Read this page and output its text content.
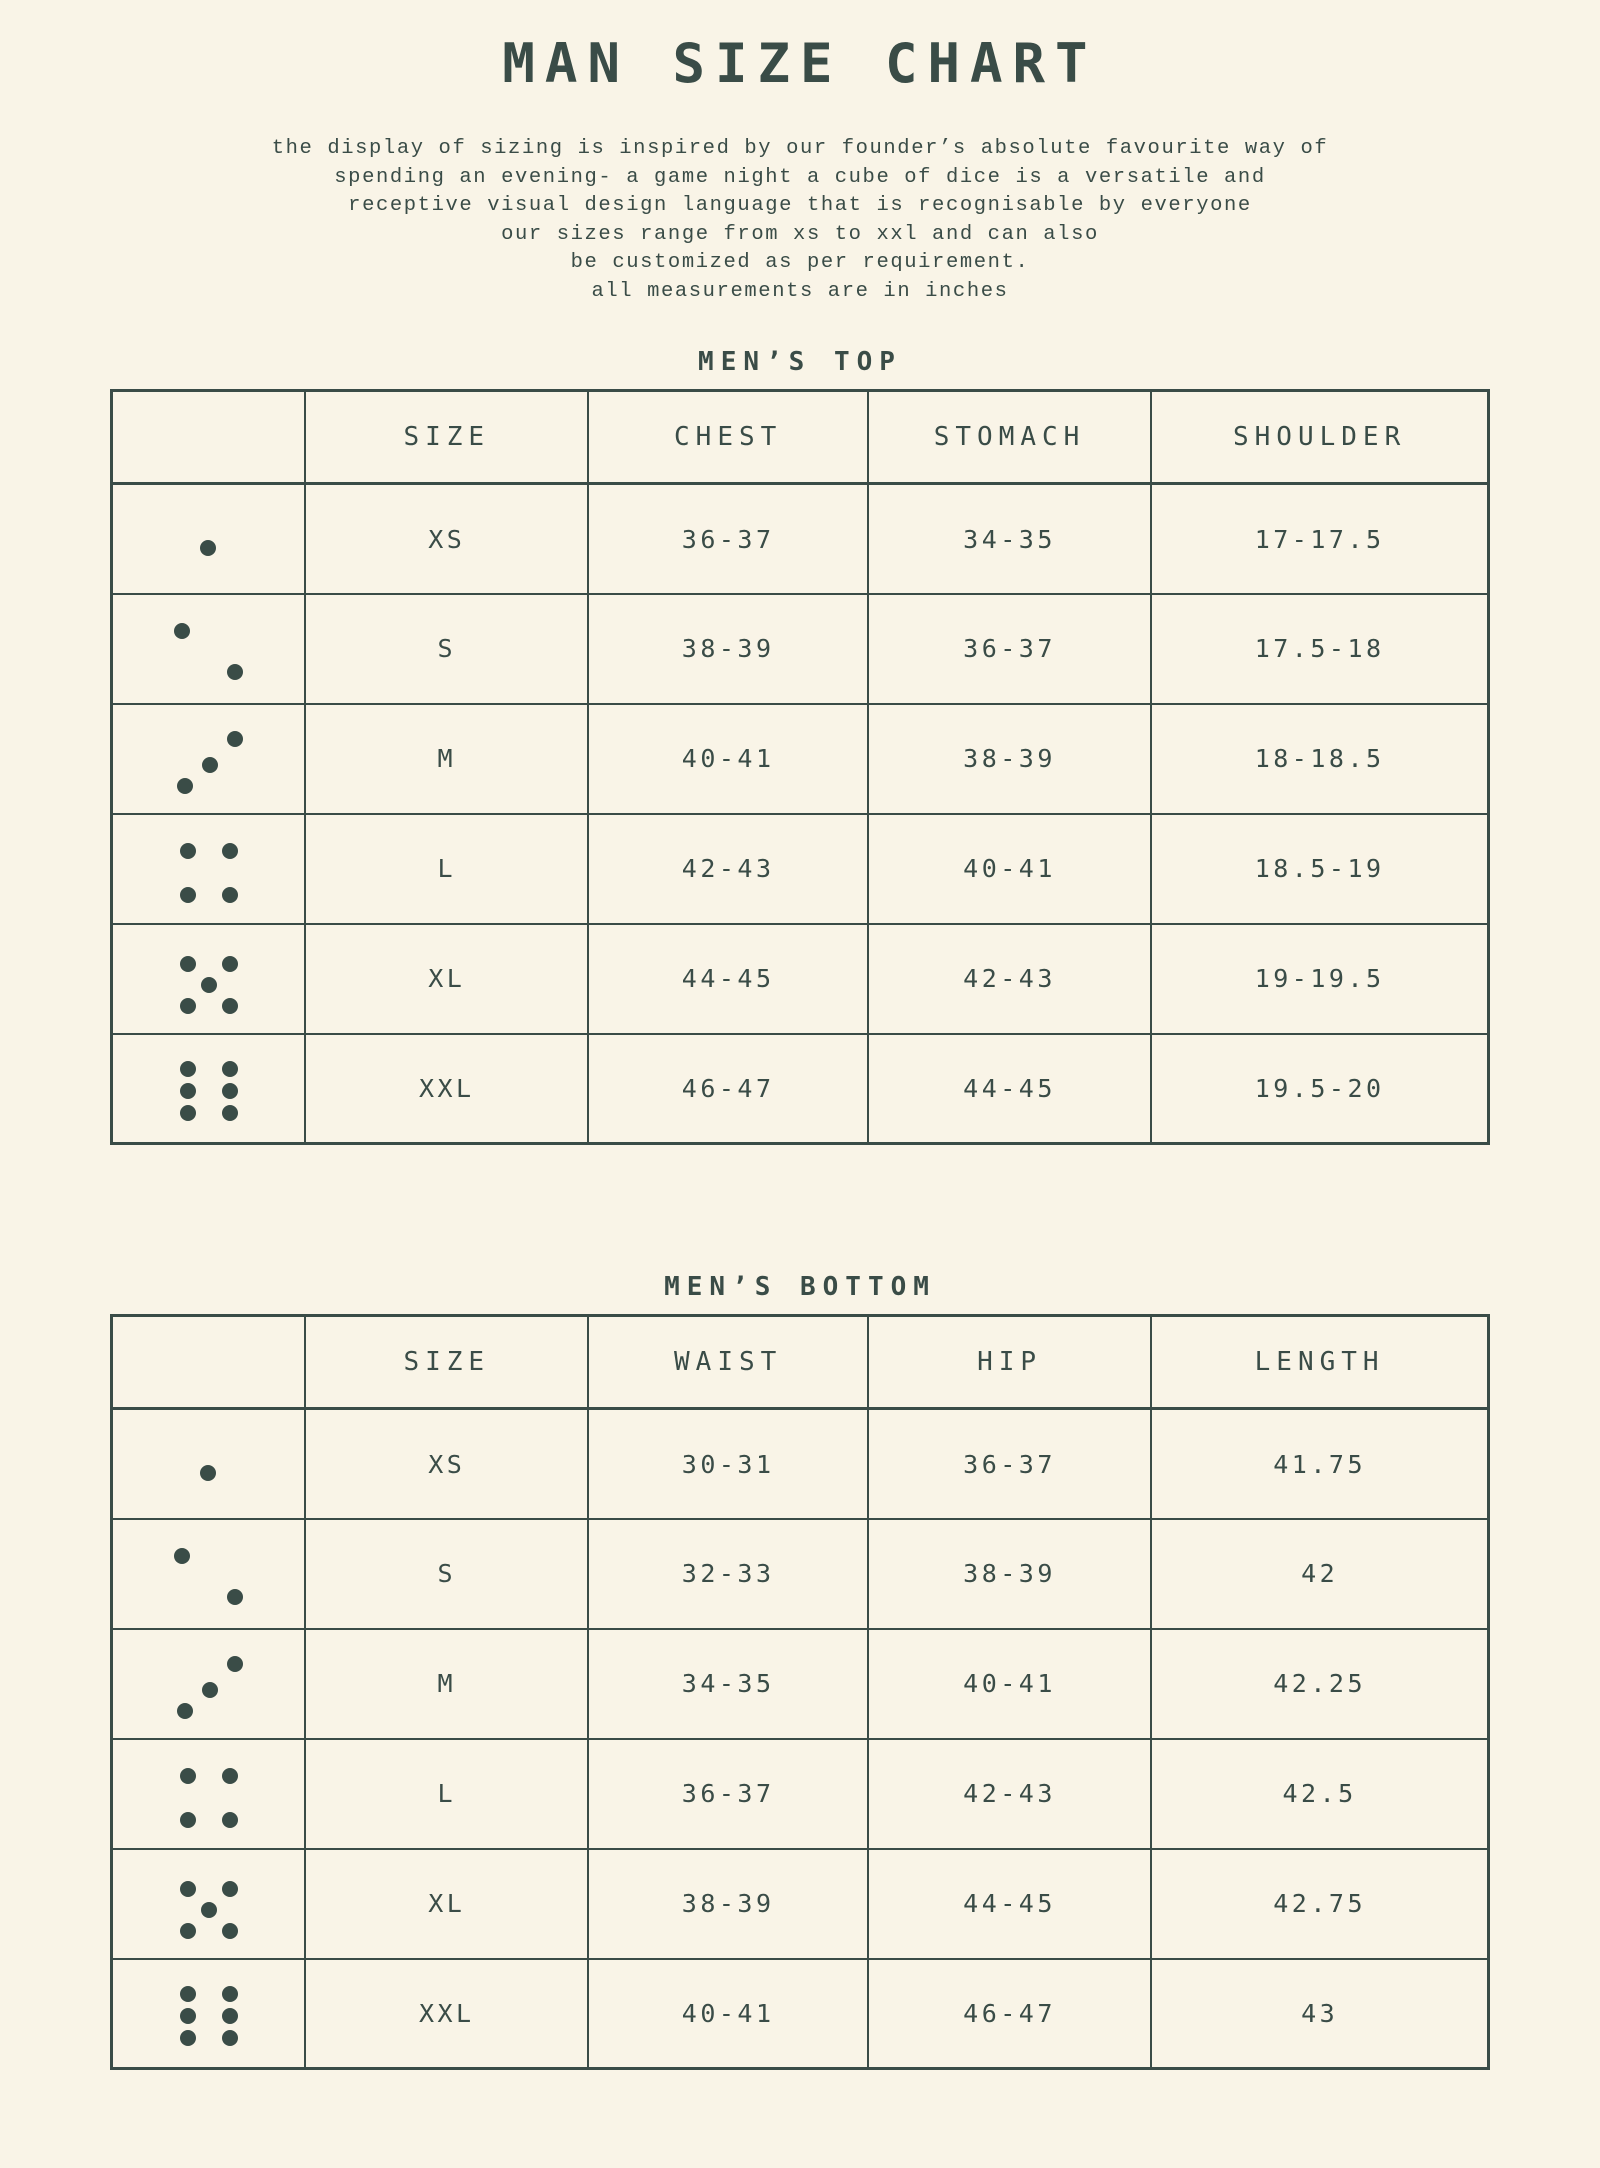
MAN SIZE CHART

the display of sizing is inspired by our founder’s absolute favourite way of

spending an evening- a game night a cube of dice is a versatile and

receptive visual design language that is recognisable by everyone

our sizes range from xs to xxl and can also

be customized as per requirement.

all measurements are in inches

MEN’S TOP
	SIZE	CHEST	STOMACH	SHOULDER

	XS	36-37	34-35	17-17.5

	S	38-39	36-37	17.5-18

	M	40-41	38-39	18-18.5

	L	42-43	40-41	18.5-19

	XL	44-45	42-43	19-19.5

	XXL	46-47	44-45	19.5-20
MEN’S BOTTOM
	SIZE	WAIST	HIP	LENGTH

	XS	30-31	36-37	41.75

	S	32-33	38-39	42

	M	34-35	40-41	42.25

	L	36-37	42-43	42.5

	XL	38-39	44-45	42.75

	XXL	40-41	46-47	43
